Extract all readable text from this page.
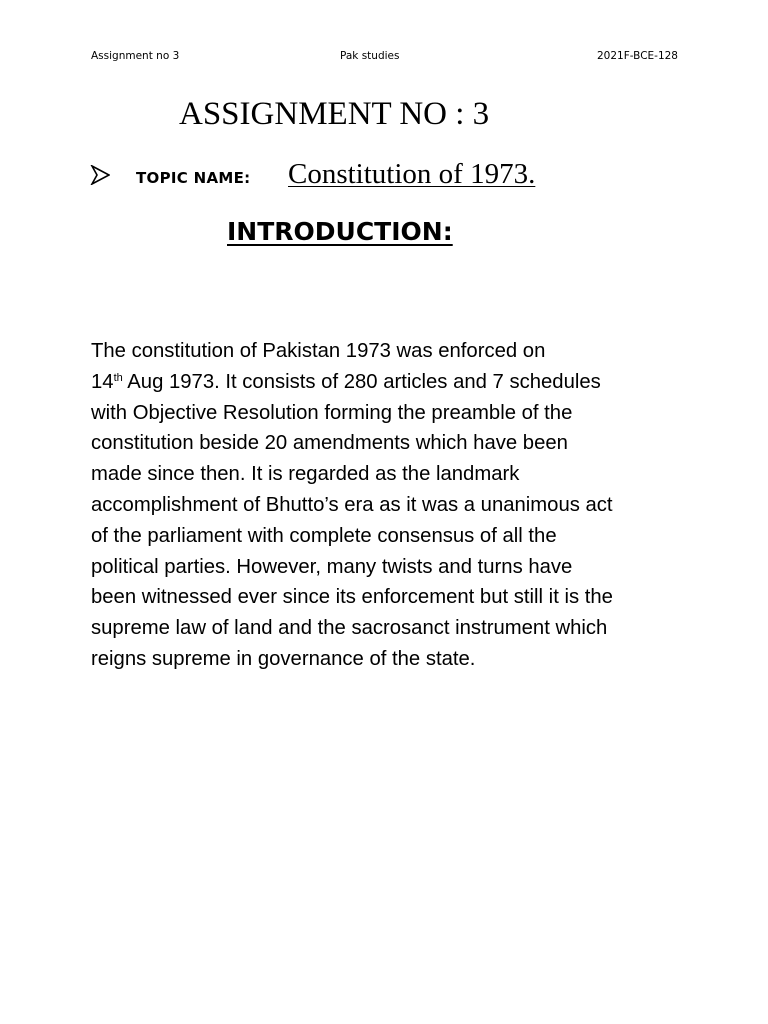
Assignment no 3	Pak studies	2021F-BCE-128
ASSIGNMENT NO : 3
TOPIC NAME: Constitution of 1973.
INTRODUCTION:
The constitution of Pakistan 1973 was enforced on
14th Aug 1973. It consists of 280 articles and 7 schedules
with Objective Resolution forming the preamble of the
constitution beside 20 amendments which have been
made since then. It is regarded as the landmark
accomplishment of Bhutto’s era as it was a unanimous act
of the parliament with complete consensus of all the
political parties. However, many twists and turns have
been witnessed ever since its enforcement but still it is the
supreme law of land and the sacrosanct instrument which
reigns supreme in governance of the state.
